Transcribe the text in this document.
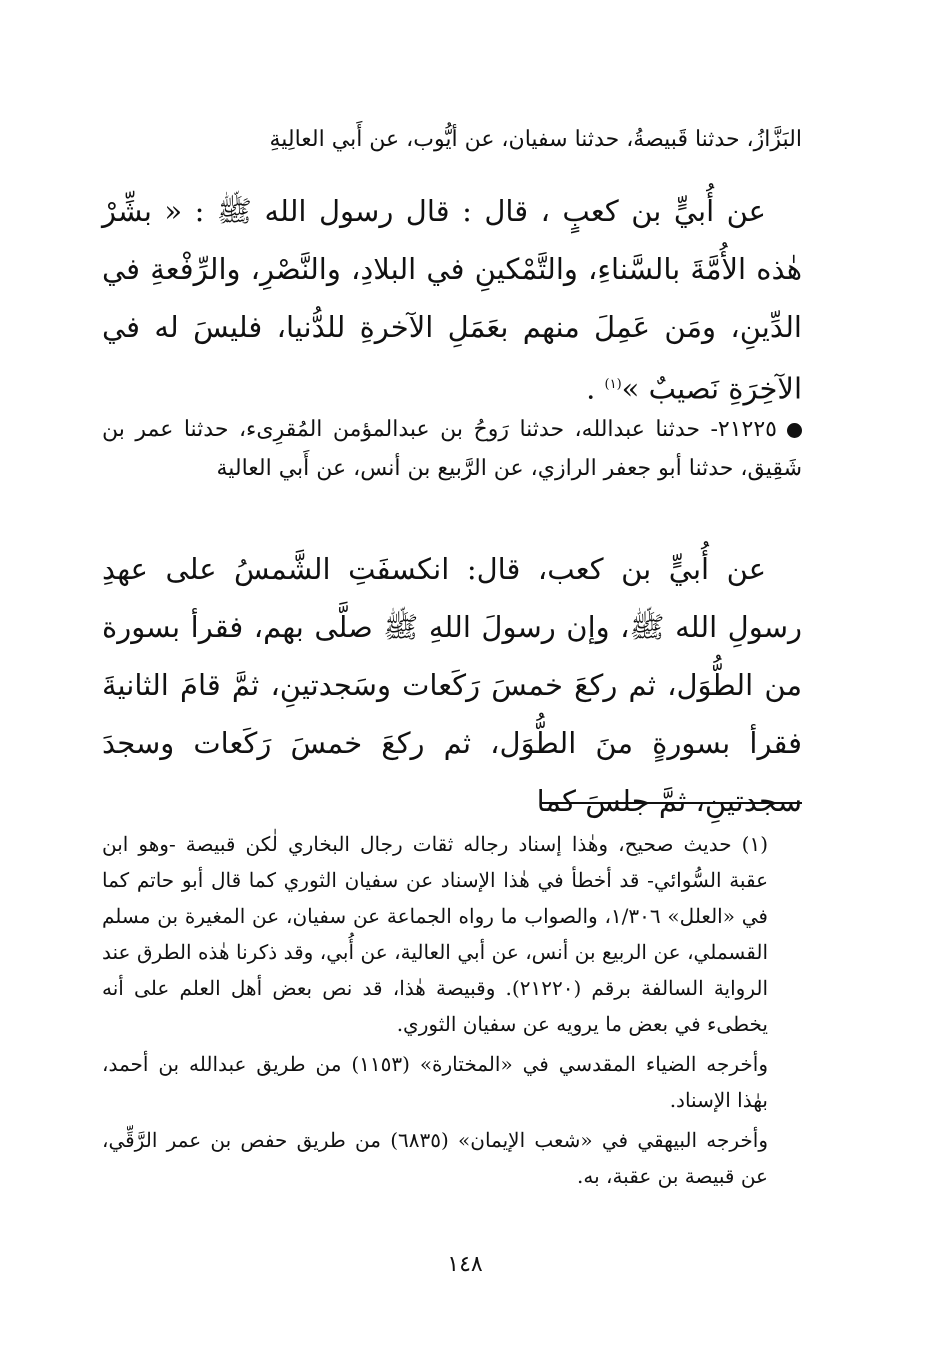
البَزَّازُ، حدثنا قَبيصةُ، حدثنا سفيان، عن أيُّوب، عن أَبي العالِيةِ
عن أُبيٍّ بن كعبٍ ، قال : قال رسول الله ﷺ : « بشِّرْ هٰذه الأُمَّةَ بالسَّناءِ، والتَّمْكينِ في البلادِ، والنَّصْرِ، والرِّفْعةِ في الدِّينِ، ومَن عَمِلَ منهم بعَمَلِ الآخرةِ للدُّنيا، فليسَ له في الآخِرَةِ نَصيبٌ »$^{(١)}$ .
٢١٢٢٥- حدثنا عبدالله، حدثنا رَوحُ بن عبدالمؤمن المُقرِىء، حدثنا عمر بن شَقِيق، حدثنا أبو جعفر الرازي، عن الرَّبيع بن أنس، عن أَبي العالية
عن أُبيٍّ بن كعب، قال: انكسفَتِ الشَّمسُ على عهدِ رسولِ الله ﷺ، وإن رسولَ اللهِ ﷺ صلَّى بهم، فقرأ بسورة من الطُّوَل، ثم ركعَ خمسَ رَكَعات وسَجدتينِ، ثمَّ قامَ الثانيةَ فقرأ بسورةٍ منَ الطُّوَل، ثم ركعَ خمسَ رَكَعات وسجدَ سجدتينِ، ثمَّ جلسَ كما

(١) حديث صحيح، وهٰذا إسناد رجاله ثقات رجال البخاري لٰكن قبيصة -وهو ابن عقبة السُّوائي- قد أخطأ في هٰذا الإسناد عن سفيان الثوري كما قال أبو حاتم كما في «العلل» ١/٣٠٦، والصواب ما رواه الجماعة عن سفيان، عن المغيرة بن مسلم القسملي، عن الربيع بن أنس، عن أبي العالية، عن أُبي، وقد ذكرنا هٰذه الطرق عند الرواية السالفة برقم (٢١٢٢٠). وقبيصة هٰذا، قد نص بعض أهل العلم على أنه يخطىء في بعض ما يرويه عن سفيان الثوري.

وأخرجه الضياء المقدسي في «المختارة» (١١٥٣) من طريق عبدالله بن أحمد، بهٰذا الإسناد.

وأخرجه البيهقي في «شعب الإيمان» (٦٨٣٥) من طريق حفص بن عمر الرَّقِّي، عن قبيصة بن عقبة، به.

١٤٨
